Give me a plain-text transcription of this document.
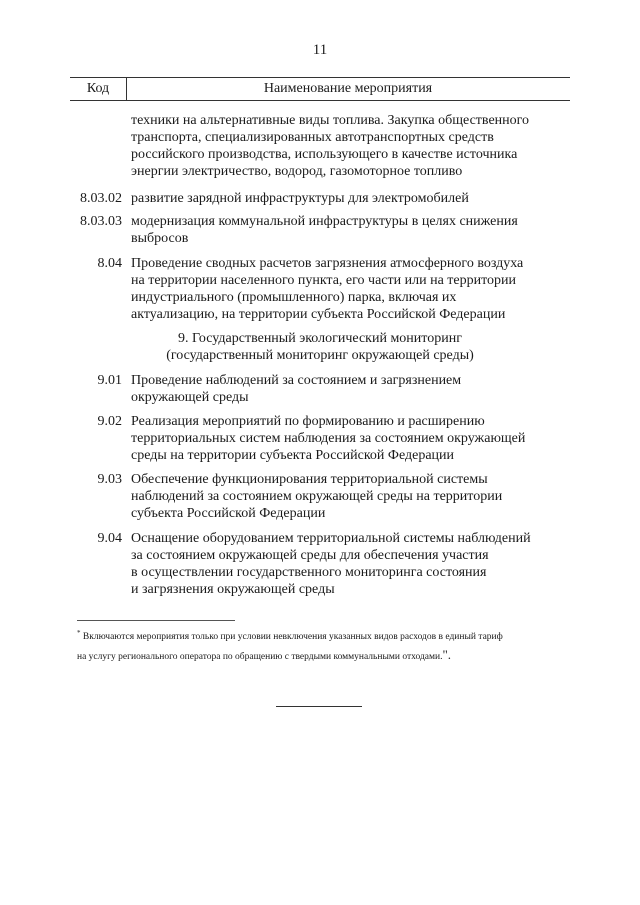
11
Код	Наименование мероприятия
техники на альтернативные виды топлива. Закупка общественного
транспорта, специализированных автотранспортных средств
российского производства, использующего в качестве источника
энергии электричество, водород, газомоторное топливо
8.03.02 развитие зарядной инфраструктуры для электромобилей
8.03.03 модернизация коммунальной инфраструктуры в целях снижения
выбросов
8.04 Проведение сводных расчетов загрязнения атмосферного воздуха
на территории населенного пункта, его части или на территории
индустриального (промышленного) парка, включая их
актуализацию, на территории субъекта Российской Федерации
9. Государственный экологический мониторинг
(государственный мониторинг окружающей среды)
9.01 Проведение наблюдений за состоянием и загрязнением
окружающей среды
9.02 Реализация мероприятий по формированию и расширению
территориальных систем наблюдения за состоянием окружающей
среды на территории субъекта Российской Федерации
9.03 Обеспечение функционирования территориальной системы
наблюдений за состоянием окружающей среды на территории
субъекта Российской Федерации
9.04 Оснащение оборудованием территориальной системы наблюдений
за состоянием окружающей среды для обеспечения участия
в осуществлении государственного мониторинга состояния
и загрязнения окружающей среды
* Включаются мероприятия только при условии невключения указанных видов расходов в единый тариф
на услугу регионального оператора по обращению с твердыми коммунальными отходами.".
